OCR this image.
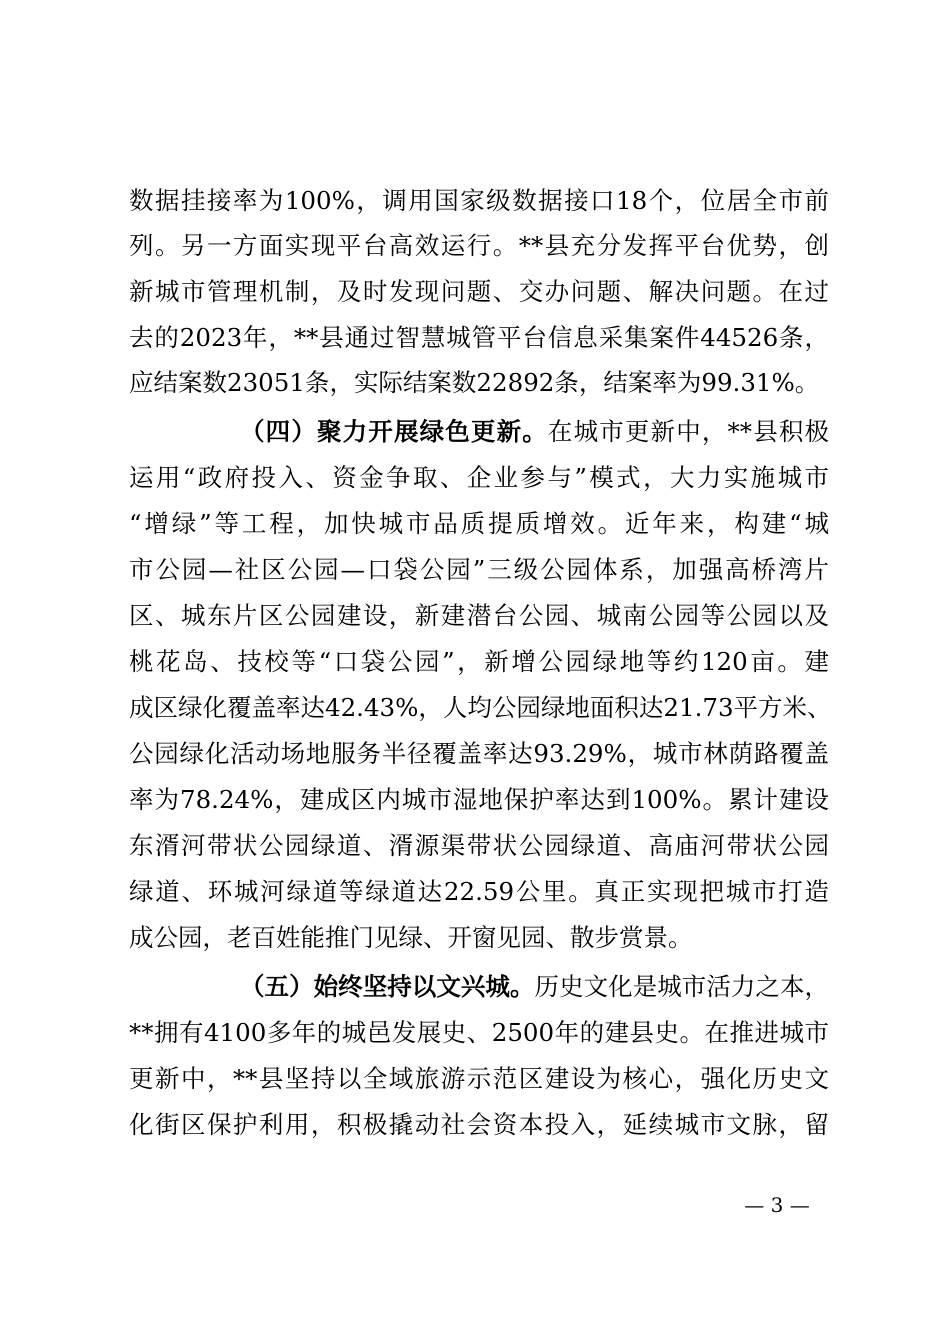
数据挂接率为100%，调用国家级数据接口18个，位居全市前
列。另一方面实现平台高效运行。**县充分发挥平台优势，创
新城市管理机制，及时发现问题、交办问题、解决问题。在过
去的2023年，**县通过智慧城管平台信息采集案件44526条，
应结案数23051条，实际结案数22892条，结案率为99.31%。
（四）聚力开展绿色更新。在城市更新中，**县积极
运用“政府投入、资金争取、企业参与”模式，大力实施城市
“增绿”等工程，加快城市品质提质增效。近年来，构建“城
市公园—社区公园—口袋公园”三级公园体系，加强高桥湾片
区、城东片区公园建设，新建潜台公园、城南公园等公园以及
桃花岛、技校等“口袋公园”，新增公园绿地等约120亩。建
成区绿化覆盖率达42.43%，人均公园绿地面积达21.73平方米、
公园绿化活动场地服务半径覆盖率达93.29%，城市林荫路覆盖
率为78.24%，建成区内城市湿地保护率达到100%。累计建设
东湑河带状公园绿道、湑源渠带状公园绿道、高庙河带状公园
绿道、环城河绿道等绿道达22.59公里。真正实现把城市打造
成公园，老百姓能推门见绿、开窗见园、散步赏景。
（五）始终坚持以文兴城。历史文化是城市活力之本，
**拥有4100多年的城邑发展史、2500年的建县史。在推进城市
更新中，**县坚持以全域旅游示范区建设为核心，强化历史文
化街区保护利用，积极撬动社会资本投入，延续城市文脉，留
— 3 —
